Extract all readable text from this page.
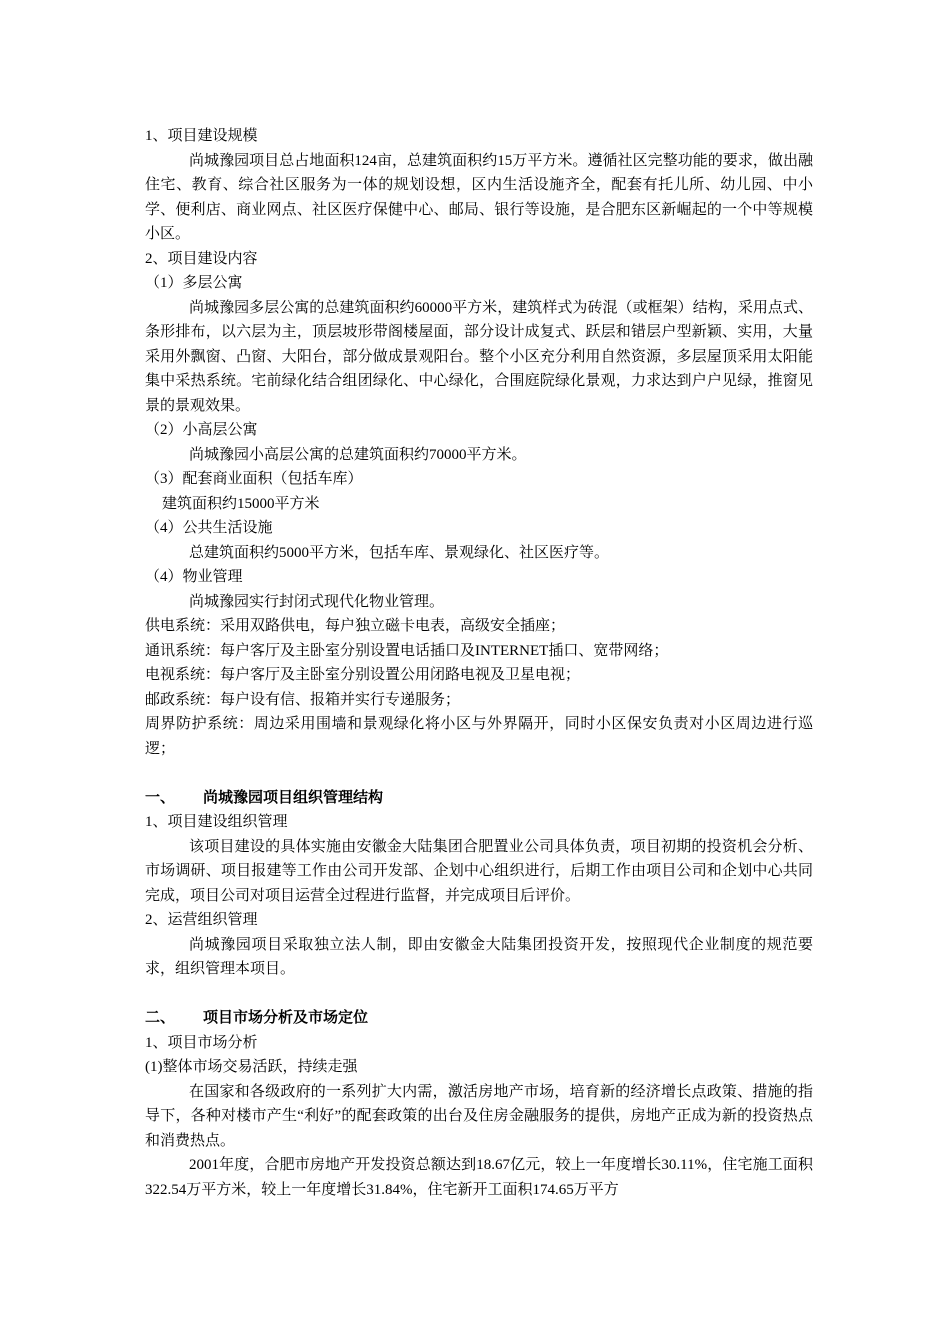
1、项目建设规模

尚城豫园项目总占地面积124亩，总建筑面积约15万平方米。遵循社区完整功能的要求，做出融住宅、教育、综合社区服务为一体的规划设想，区内生活设施齐全，配套有托儿所、幼儿园、中小学、便利店、商业网点、社区医疗保健中心、邮局、银行等设施，是合肥东区新崛起的一个中等规模小区。

2、项目建设内容

（1）多层公寓

尚城豫园多层公寓的总建筑面积约60000平方米，建筑样式为砖混（或框架）结构，采用点式、条形排布，以六层为主，顶层坡形带阁楼屋面，部分设计成复式、跃层和错层户型新颖、实用，大量采用外飘窗、凸窗、大阳台，部分做成景观阳台。整个小区充分利用自然资源，多层屋顶采用太阳能集中采热系统。宅前绿化结合组团绿化、中心绿化，合围庭院绿化景观，力求达到户户见绿，推窗见景的景观效果。

（2）小高层公寓

尚城豫园小高层公寓的总建筑面积约70000平方米。

（3）配套商业面积（包括车库）

建筑面积约15000平方米

（4）公共生活设施

总建筑面积约5000平方米，包括车库、景观绿化、社区医疗等。

（4）物业管理

尚城豫园实行封闭式现代化物业管理。

供电系统：采用双路供电，每户独立磁卡电表，高级安全插座；

通讯系统：每户客厅及主卧室分别设置电话插口及INTERNET插口、宽带网络；

电视系统：每户客厅及主卧室分别设置公用闭路电视及卫星电视；

邮政系统：每户设有信、报箱并实行专递服务；

周界防护系统：周边采用围墙和景观绿化将小区与外界隔开，同时小区保安负责对小区周边进行巡逻；

一、 尚城豫园项目组织管理结构

1、项目建设组织管理

该项目建设的具体实施由安徽金大陆集团合肥置业公司具体负责，项目初期的投资机会分析、市场调研、项目报建等工作由公司开发部、企划中心组织进行，后期工作由项目公司和企划中心共同完成，项目公司对项目运营全过程进行监督，并完成项目后评价。

2、运营组织管理

尚城豫园项目采取独立法人制，即由安徽金大陆集团投资开发，按照现代企业制度的规范要求，组织管理本项目。

二、 项目市场分析及市场定位

1、项目市场分析

(1)整体市场交易活跃，持续走强

在国家和各级政府的一系列扩大内需，激活房地产市场，培育新的经济增长点政策、措施的指导下，各种对楼市产生“利好”的配套政策的出台及住房金融服务的提供，房地产正成为新的投资热点和消费热点。

2001年度，合肥市房地产开发投资总额达到18.67亿元，较上一年度增长30.11%，住宅施工面积322.54万平方米，较上一年度增长31.84%，住宅新开工面积174.65万平方
